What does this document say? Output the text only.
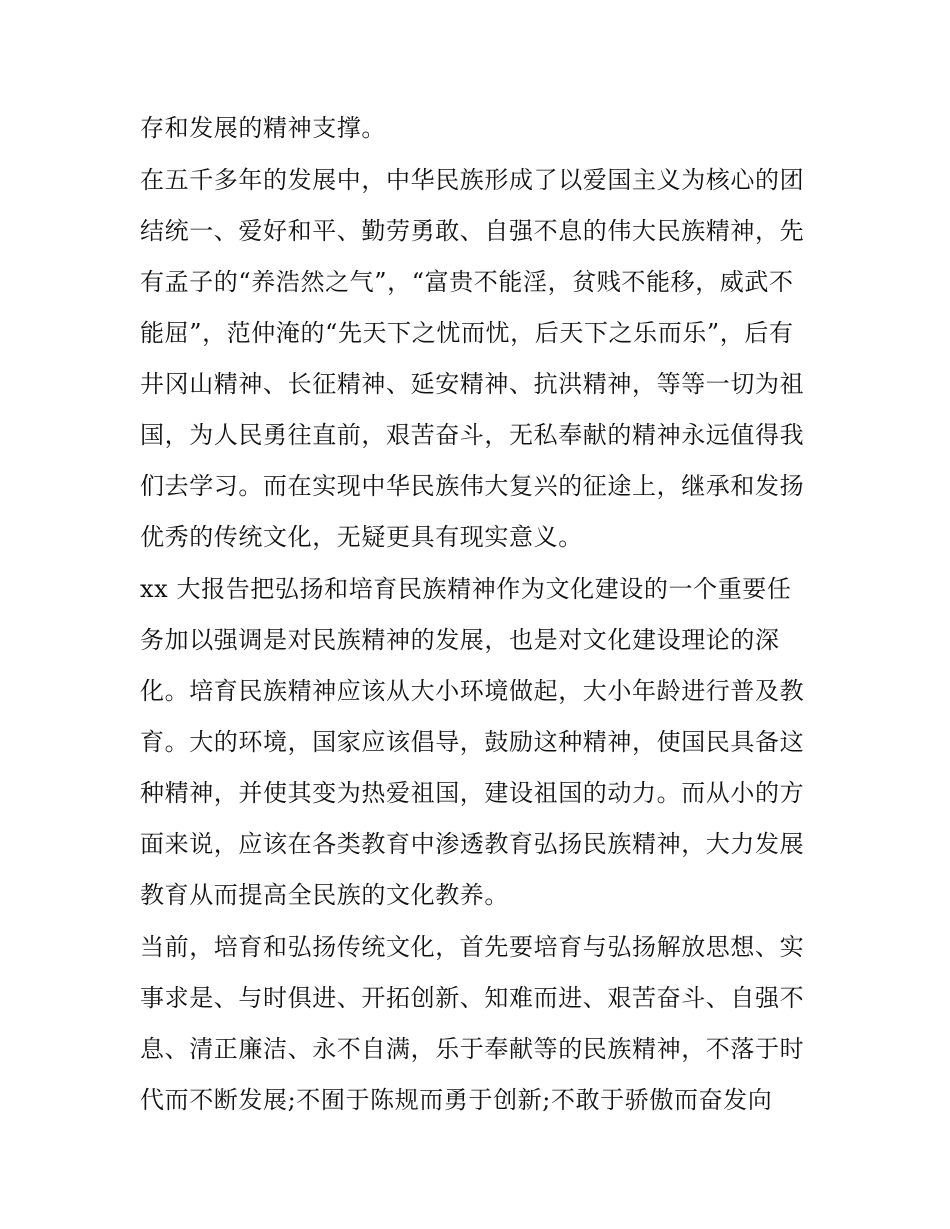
存和发展的精神支撑。
在五千多年的发展中，中华民族形成了以爱国主义为核心的团
结统一、爱好和平、勤劳勇敢、自强不息的伟大民族精神，先
有孟子的“养浩然之气”，“富贵不能淫，贫贱不能移，威武不
能屈”，范仲淹的“先天下之忧而忧，后天下之乐而乐”，后有
井冈山精神、长征精神、延安精神、抗洪精神，等等一切为祖
国，为人民勇往直前，艰苦奋斗，无私奉献的精神永远值得我
们去学习。而在实现中华民族伟大复兴的征途上，继承和发扬
优秀的传统文化，无疑更具有现实意义。
xx 大报告把弘扬和培育民族精神作为文化建设的一个重要任
务加以强调是对民族精神的发展，也是对文化建设理论的深
化。培育民族精神应该从大小环境做起，大小年龄进行普及教
育。大的环境，国家应该倡导，鼓励这种精神，使国民具备这
种精神，并使其变为热爱祖国，建设祖国的动力。而从小的方
面来说，应该在各类教育中渗透教育弘扬民族精神，大力发展
教育从而提高全民族的文化教养。
当前，培育和弘扬传统文化，首先要培育与弘扬解放思想、实
事求是、与时俱进、开拓创新、知难而进、艰苦奋斗、自强不
息、清正廉洁、永不自满，乐于奉献等的民族精神，不落于时
代而不断发展;不囿于陈规而勇于创新;不敢于骄傲而奋发向
